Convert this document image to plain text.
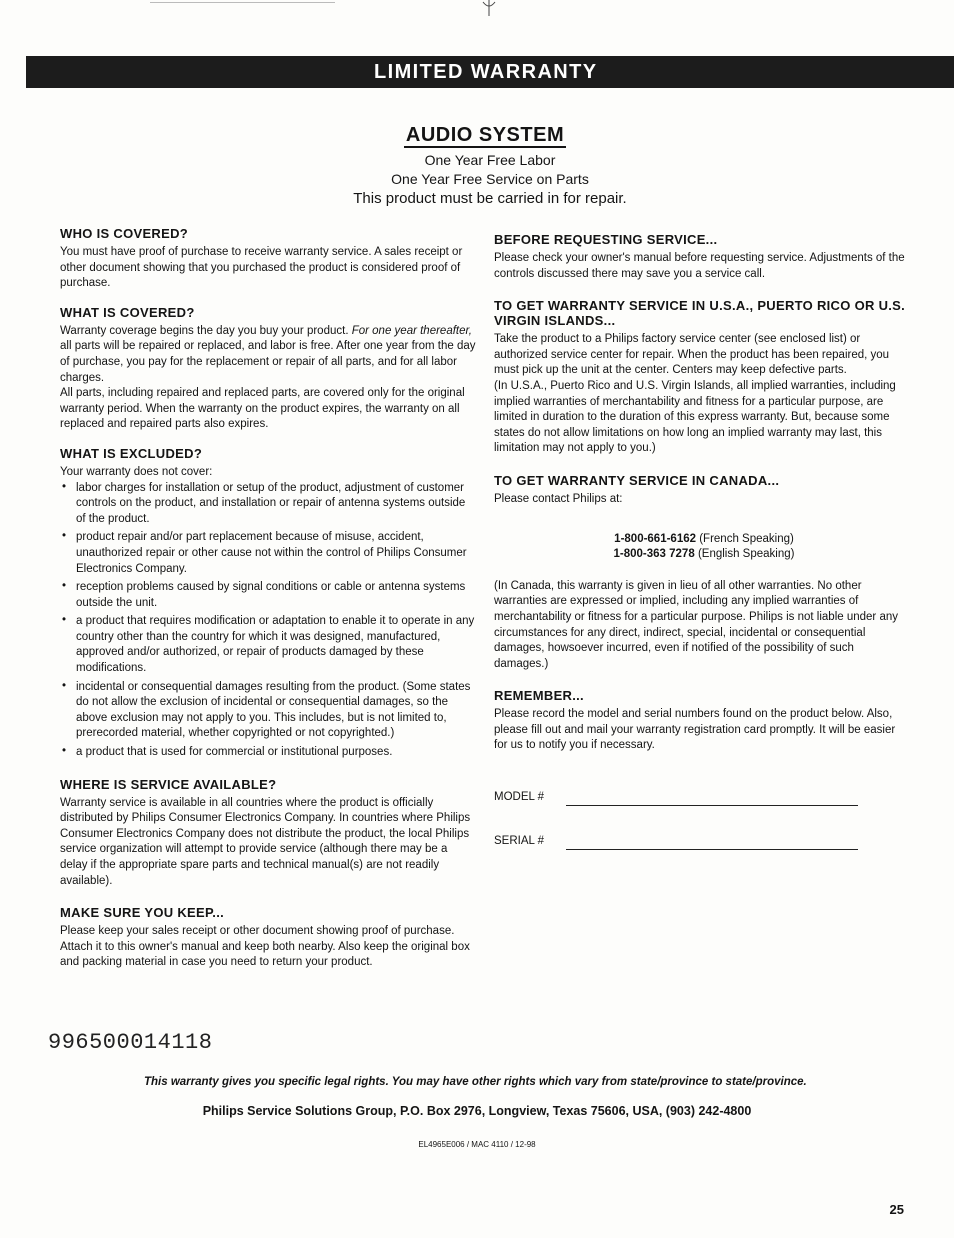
LIMITED WARRANTY
AUDIO SYSTEM

One Year Free Labor

One Year Free Service on Parts

This product must be carried in for repair.

WHO IS COVERED?

You must have proof of purchase to receive warranty service. A sales receipt or other document showing that you purchased the product is considered proof of purchase.

WHAT IS COVERED?

Warranty coverage begins the day you buy your product. For one year thereafter, all parts will be repaired or replaced, and labor is free. After one year from the day of purchase, you pay for the replacement or repair of all parts, and for all labor charges.

All parts, including repaired and replaced parts, are covered only for the original warranty period. When the warranty on the product expires, the warranty on all replaced and repaired parts also expires.

WHAT IS EXCLUDED?

Your warranty does not cover:

• labor charges for installation or setup of the product, adjustment of customer controls on the product, and installation or repair of antenna systems outside of the product.
• product repair and/or part replacement because of misuse, accident, unauthorized repair or other cause not within the control of Philips Consumer Electronics Company.
• reception problems caused by signal conditions or cable or antenna systems outside the unit.
• a product that requires modification or adaptation to enable it to operate in any country other than the country for which it was designed, manufactured, approved and/or authorized, or repair of products damaged by these modifications.
• incidental or consequential damages resulting from the product. (Some states do not allow the exclusion of incidental or consequential damages, so the above exclusion may not apply to you. This includes, but is not limited to, prerecorded material, whether copyrighted or not copyrighted.)
• a product that is used for commercial or institutional purposes.
WHERE IS SERVICE AVAILABLE?

Warranty service is available in all countries where the product is officially distributed by Philips Consumer Electronics Company. In countries where Philips Consumer Electronics Company does not distribute the product, the local Philips service organization will attempt to provide service (although there may be a delay if the appropriate spare parts and technical manual(s) are not readily available).

MAKE SURE YOU KEEP...

Please keep your sales receipt or other document showing proof of purchase. Attach it to this owner's manual and keep both nearby. Also keep the original box and packing material in case you need to return your product.

BEFORE REQUESTING SERVICE...

Please check your owner's manual before requesting service. Adjustments of the controls discussed there may save you a service call.

TO GET WARRANTY SERVICE IN U.S.A., PUERTO RICO OR U.S. VIRGIN ISLANDS...

Take the product to a Philips factory service center (see enclosed list) or authorized service center for repair. When the product has been repaired, you must pick up the unit at the center. Centers may keep defective parts.

(In U.S.A., Puerto Rico and U.S. Virgin Islands, all implied warranties, including implied warranties of merchantability and fitness for a particular purpose, are limited in duration to the duration of this express warranty. But, because some states do not allow limitations on how long an implied warranty may last, this limitation may not apply to you.)

TO GET WARRANTY SERVICE IN CANADA...

Please contact Philips at:

1-800-661-6162 (French Speaking)
1-800-363 7278 (English Speaking)

(In Canada, this warranty is given in lieu of all other warranties. No other warranties are expressed or implied, including any implied warranties of merchantability or fitness for a particular purpose. Philips is not liable under any circumstances for any direct, indirect, special, incidental or consequential damages, howsoever incurred, even if notified of the possibility of such damages.)

REMEMBER...

Please record the model and serial numbers found on the product below. Also, please fill out and mail your warranty registration card promptly. It will be easier for us to notify you if necessary.

MODEL #
SERIAL #
996500014118
This warranty gives you specific legal rights. You may have other rights which vary from state/province to state/province.
Philips Service Solutions Group, P.O. Box 2976, Longview, Texas 75606, USA, (903) 242-4800
EL4965E006 / MAC 4110 / 12-98
25
